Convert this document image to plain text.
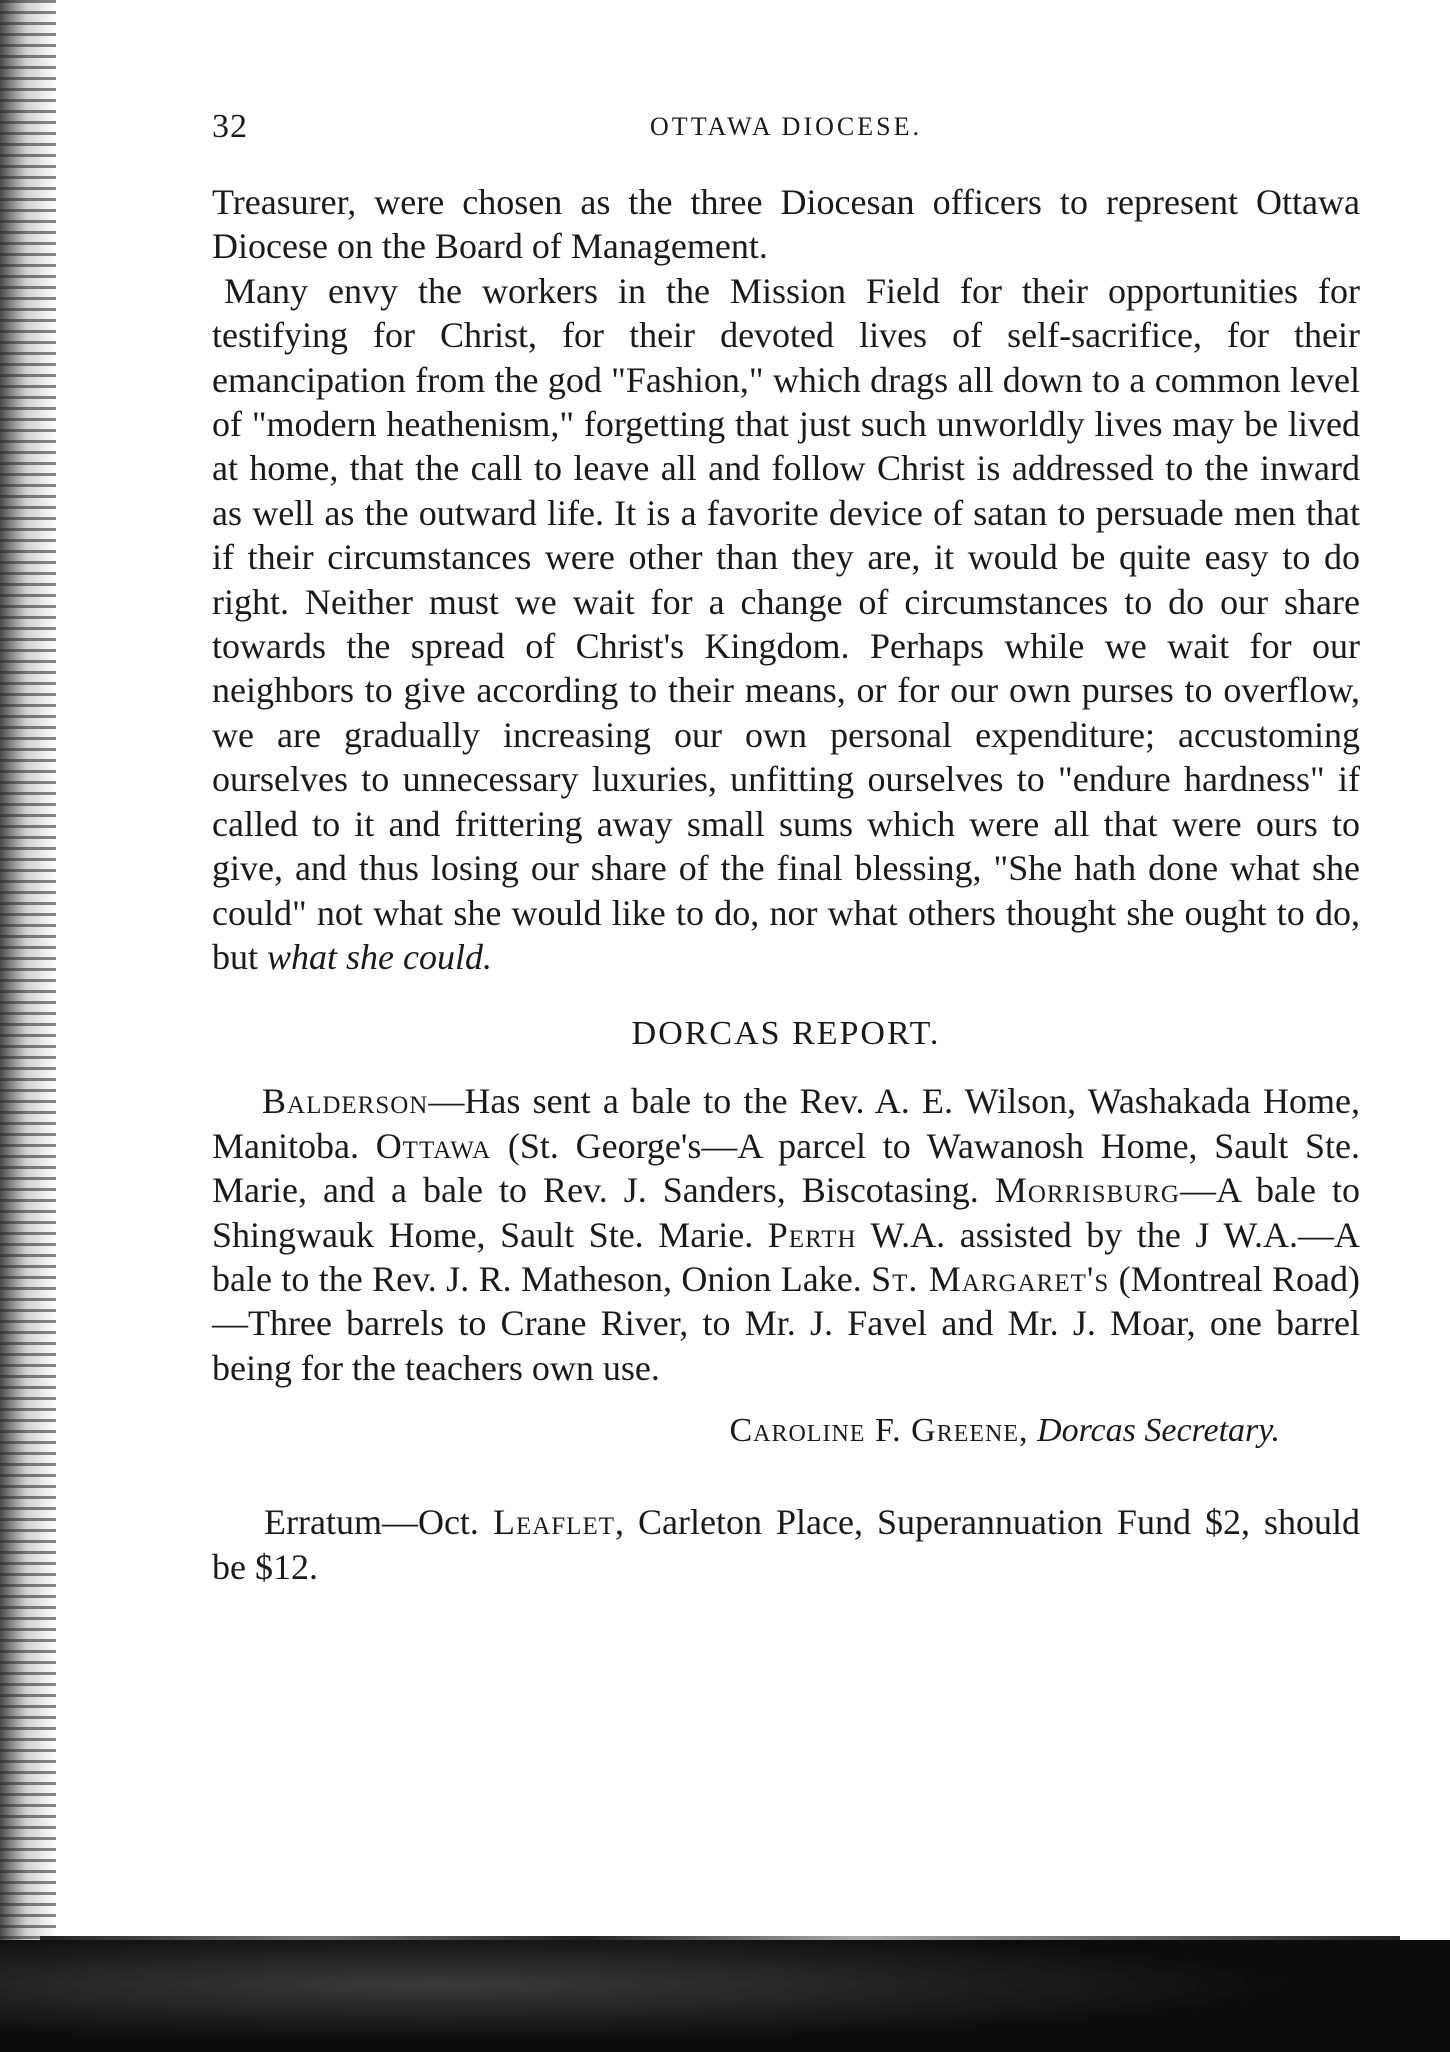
32	OTTAWA DIOCESE.

Treasurer, were chosen as the three Diocesan officers to represent Ottawa Diocese on the Board of Management.

Many envy the workers in the Mission Field for their opportunities for testifying for Christ, for their devoted lives of self-sacrifice, for their emancipation from the god "Fashion," which drags all down to a common level of "modern heathenism," forgetting that just such unworldly lives may be lived at home, that the call to leave all and follow Christ is addressed to the inward as well as the outward life. It is a favorite device of satan to persuade men that if their circumstances were other than they are, it would be quite easy to do right. Neither must we wait for a change of circumstances to do our share towards the spread of Christ's Kingdom. Perhaps while we wait for our neighbors to give according to their means, or for our own purses to overflow, we are gradually increasing our own personal expenditure; accustoming ourselves to unnecessary luxuries, unfitting ourselves to "endure hardness" if called to it and frittering away small sums which were all that were ours to give, and thus losing our share of the final blessing, "She hath done what she could" not what she would like to do, nor what others thought she ought to do, but what she could.

DORCAS REPORT.

Balderson—Has sent a bale to the Rev. A. E. Wilson, Washakada Home, Manitoba. Ottawa (St. George's—A parcel to Wawanosh Home, Sault Ste. Marie, and a bale to Rev. J. Sanders, Biscotasing. Morrisburg—A bale to Shingwauk Home, Sault Ste. Marie. Perth W.A. assisted by the J W.A.—A bale to the Rev. J. R. Matheson, Onion Lake. St. Margaret's (Montreal Road)—Three barrels to Crane River, to Mr. J. Favel and Mr. J. Moar, one barrel being for the teachers own use.

Caroline F. Greene, Dorcas Secretary.

Erratum—Oct. Leaflet, Carleton Place, Superannuation Fund $2, should be $12.
